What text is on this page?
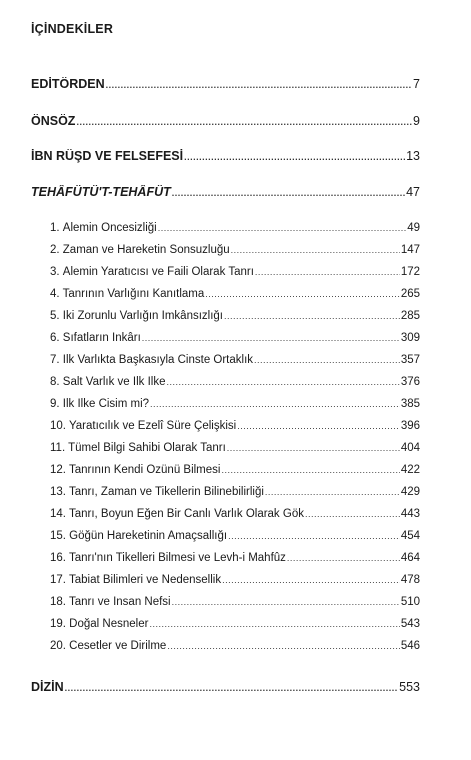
İÇİNDEKİLER
EDİTÖRDEN .....	7
ÖNSÖZ .....	9
İBN RÜŞD VE FELSEFESİ .....	13
TEHÂFÜTÜ'T-TEHÂFÜT .....	47
1. Âlemin Öncesizliği .....	49
2. Zaman ve Hareketin Sonsuzluğu .....	147
3. Âlemin Yaratıcısı ve Faili Olarak Tanrı .....	172
4. Tanrının Varlığını Kanıtlama .....	265
5. İki Zorunlu Varlığın İmkânsızlığı .....	285
6. Sıfatların İnkârı .....	309
7. İlk Varlıkta Başkasıyla Cinste Ortaklık .....	357
8. Salt Varlık ve İlk İlke .....	376
9. İlk İlke Cisim mi? .....	385
10. Yaratıcılık ve Ezelî Süre Çelişkisi .....	396
11. Tümel Bilgi Sahibi Olarak Tanrı .....	404
12. Tanrının Kendi Özünü Bilmesi .....	422
13. Tanrı, Zaman ve Tikellerin Bilinebilirliği .....	429
14. Tanrı, Boyun Eğen Bir Canlı Varlık Olarak Gök .....	443
15. Göğün Hareketinin Amaçsallığı .....	454
16. Tanrı'nın Tikelleri Bilmesi ve Levh-i Mahfûz .....	464
17. Tabiat Bilimleri ve Nedensellik .....	478
18. Tanrı ve İnsan Nefsi .....	510
19. Doğal Nesneler .....	543
20. Cesetler ve Dirilme .....	546
DİZİN .....	553
